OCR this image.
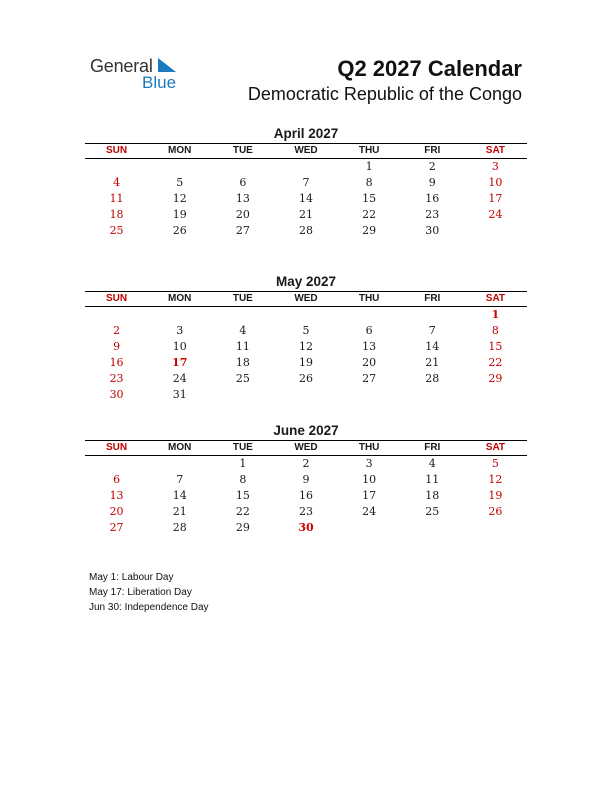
General
Blue
Q2 2027 Calendar
Democratic Republic of the Congo
April 2027
SUN	MON	TUE	WED	THU	FRI	SAT
				1	2	3
4	5	6	7	8	9	10
11	12	13	14	15	16	17
18	19	20	21	22	23	24
25	26	27	28	29	30	
May 2027
SUN	MON	TUE	WED	THU	FRI	SAT
						1
2	3	4	5	6	7	8
9	10	11	12	13	14	15
16	17	18	19	20	21	22
23	24	25	26	27	28	29
30	31					
June 2027
SUN	MON	TUE	WED	THU	FRI	SAT
		1	2	3	4	5
6	7	8	9	10	11	12
13	14	15	16	17	18	19
20	21	22	23	24	25	26
27	28	29	30			
May 1: Labour Day
May 17: Liberation Day
Jun 30: Independence Day
